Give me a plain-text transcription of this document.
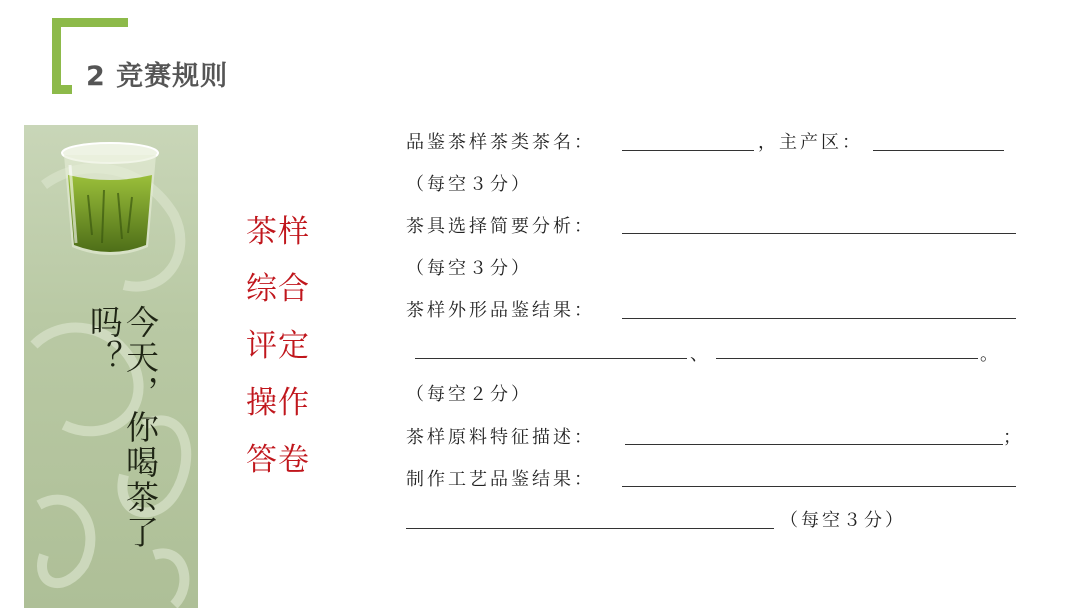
2 竞赛规则
今天，你喝茶了吗？
茶样
综合
评定
操作
答卷
品鉴茶样茶类茶名：	，主产区：
（每空３分）
茶具选择简要分析：
（每空３分）
茶样外形品鉴结果：
、	。
（每空２分）
茶样原料特征描述：	；
制作工艺品鉴结果：
（每空３分）
